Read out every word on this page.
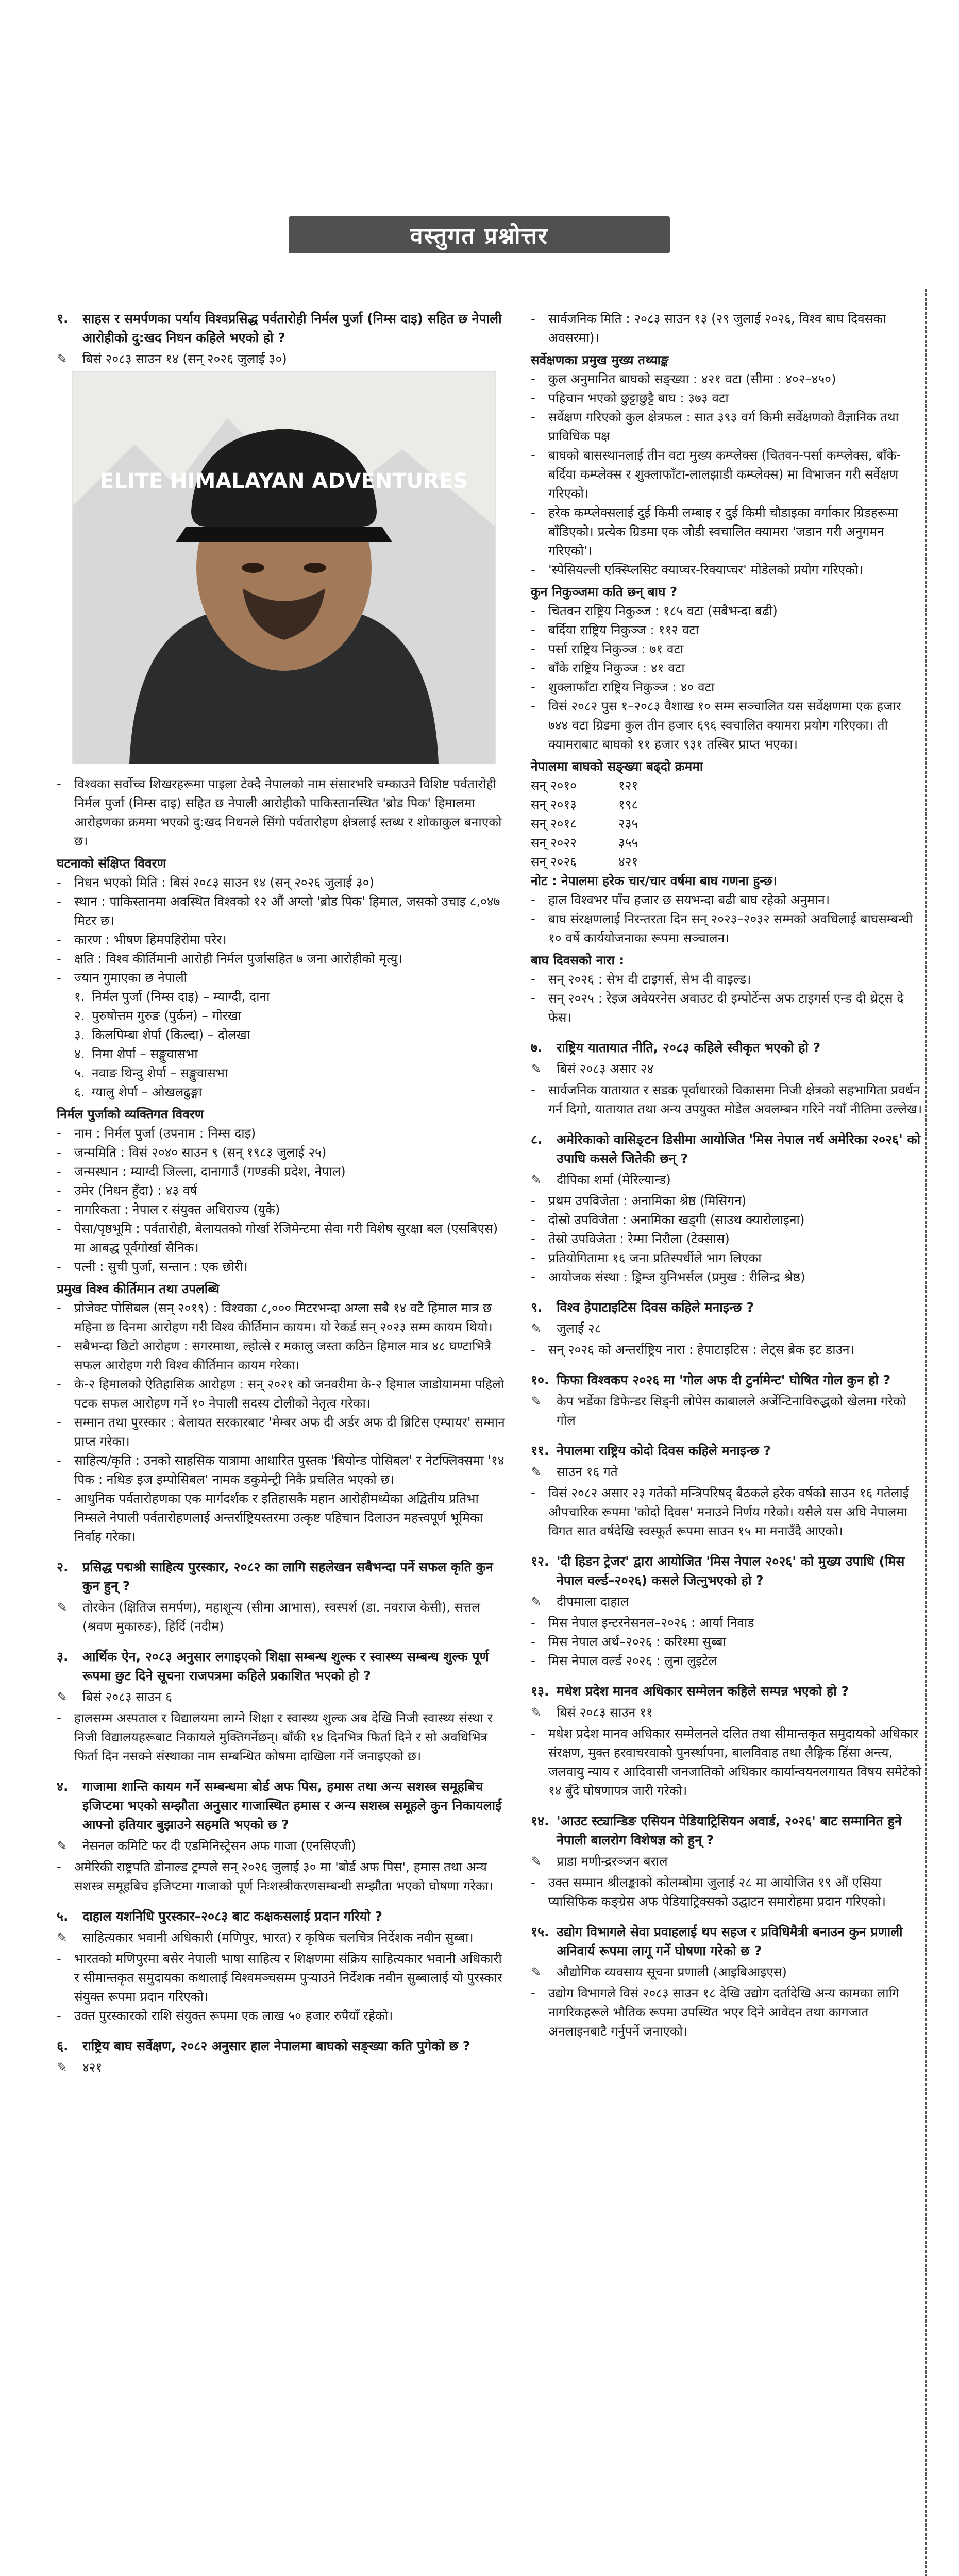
वस्तुगत प्रश्नोत्तर
१.	साहस र समर्पणका पर्याय विश्वप्रसिद्ध पर्वतारोही निर्मल पुर्जा (निम्स दाइ) सहित छ नेपाली आरोहीको दु:खद निधन कहिले भएको हो ?
✎	बिसं २०८३ साउन १४ (सन् २०२६ जुलाई ३०)
ELITE HIMALAYAN ADVENTURES
- विश्वका सर्वोच्च शिखरहरूमा पाइला टेक्दै नेपालको नाम संसारभरि चम्काउने विशिष्ट पर्वतारोही निर्मल पुर्जा (निम्स दाइ) सहित छ नेपाली आरोहीको पाकिस्तानस्थित 'ब्रोड पिक' हिमालमा आरोहणका क्रममा भएको दु:खद निधनले सिंगो पर्वतारोहण क्षेत्रलाई स्तब्ध र शोकाकुल बनाएको छ।
घटनाको संक्षिप्त विवरण
- निधन भएको मिति : बिसं २०८३ साउन १४ (सन् २०२६ जुलाई ३०)
- स्थान : पाकिस्तानमा अवस्थित विश्वको १२ औं अग्लो 'ब्रोड पिक' हिमाल, जसको उचाइ ८,०४७ मिटर छ।
- कारण : भीषण हिमपहिरोमा परेर।
- क्षति : विश्व कीर्तिमानी आरोही निर्मल पुर्जासहित ७ जना आरोहीको मृत्यु।
- ज्यान गुमाएका छ नेपाली
१. निर्मल पुर्जा (निम्स दाइ) – म्याग्दी, दाना
२. पुरुषोत्तम गुरुङ (पुर्कन) – गोरखा
३. किलपिम्बा शेर्पा (किल्दा) – दोलखा
४. निमा शेर्पा – सङ्खुवासभा
५. नवाङ थिन्दु शेर्पा – सङ्खुवासभा
६. ग्यालु शेर्पा – ओखलढुङ्गा
निर्मल पुर्जाको व्यक्तिगत विवरण
- नाम : निर्मल पुर्जा (उपनाम : निम्स दाइ)
- जन्ममिति : विसं २०४० साउन ९ (सन् १९८३ जुलाई २५)
- जन्मस्थान : म्याग्दी जिल्ला, दानागाउँ (गण्डकी प्रदेश, नेपाल)
- उमेर (निधन हुँदा) : ४३ वर्ष
- नागरिकता : नेपाल र संयुक्त अधिराज्य (युके)
- पेसा/पृष्ठभूमि : पर्वतारोही, बेलायतको गोर्खा रेजिमेन्टमा सेवा गरी विशेष सुरक्षा बल (एसबिएस) मा आबद्ध पूर्वगोर्खा सैनिक।
- पत्नी : सुची पुर्जा, सन्तान : एक छोरी।
प्रमुख विश्व कीर्तिमान तथा उपलब्धि
- प्रोजेक्ट पोसिबल (सन् २०१९) : विश्वका ८,००० मिटरभन्दा अग्ला सबै १४ वटै हिमाल मात्र छ महिना छ दिनमा आरोहण गरी विश्व कीर्तिमान कायम। यो रेकर्ड सन् २०२३ सम्म कायम थियो।
- सबैभन्दा छिटो आरोहण : सगरमाथा, ल्होत्से र मकालु जस्ता कठिन हिमाल मात्र ४८ घण्टाभित्रै सफल आरोहण गरी विश्व कीर्तिमान कायम गरेका।
- के-२ हिमालको ऐतिहासिक आरोहण : सन् २०२१ को जनवरीमा के-२ हिमाल जाडोयाममा पहिलो पटक सफल आरोहण गर्ने १० नेपाली सदस्य टोलीको नेतृत्व गरेका।
- सम्मान तथा पुरस्कार : बेलायत सरकारबाट 'मेम्बर अफ दी अर्डर अफ दी ब्रिटिस एम्पायर' सम्मान प्राप्त गरेका।
- साहित्य/कृति : उनको साहसिक यात्रामा आधारित पुस्तक 'बियोन्ड पोसिबल' र नेटफ्लिक्समा '१४ पिक : नथिङ इज इम्पोसिबल' नामक डकुमेन्ट्री निकै प्रचलित भएको छ।
- आधुनिक पर्वतारोहणका एक मार्गदर्शक र इतिहासकै महान आरोहीमध्येका अद्वितीय प्रतिभा निम्सले नेपाली पर्वतारोहणलाई अन्तर्राष्ट्रियस्तरमा उत्कृष्ट पहिचान दिलाउन महत्त्वपूर्ण भूमिका निर्वाह गरेका।
२.	प्रसिद्ध पद्मश्री साहित्य पुरस्कार, २०८२ का लागि सहलेखन सबैभन्दा पर्ने सफल कृति कुन कुन हुन् ?
✎	तोरकेन (क्षितिज समर्पण), महाशून्य (सीमा आभास), स्वस्पर्श (डा. नवराज केसी), सत्तल (श्रवण मुकारुङ), हिर्दि (नदीम)
३.	आर्थिक ऐन, २०८३ अनुसार लगाइएको शिक्षा सम्बन्ध शुल्क र स्वास्थ्य सम्बन्ध शुल्क पूर्ण रूपमा छुट दिने सूचना राजपत्रमा कहिले प्रकाशित भएको हो ?
✎	बिसं २०८३ साउन ६
- हालसम्म अस्पताल र विद्यालयमा लाग्ने शिक्षा र स्वास्थ्य शुल्क अब देखि निजी स्वास्थ्य संस्था र निजी विद्यालयहरूबाट निकायले मुक्तिगर्नेछन्। बाँकी १४ दिनभित्र फिर्ता दिने र सो अवधिभित्र फिर्ता दिन नसक्ने संस्थाका नाम सम्बन्धित कोषमा दाखिला गर्ने जनाइएको छ।
४.	गाजामा शान्ति कायम गर्ने सम्बन्धमा बोर्ड अफ पिस, हमास तथा अन्य सशस्त्र समूहबिच इजिप्टमा भएको सम्झौता अनुसार गाजास्थित हमास र अन्य सशस्त्र समूहले कुन निकायलाई आफ्नो हतियार बुझाउने सहमति भएको छ ?
✎	नेसनल कमिटि फर दी एडमिनिस्ट्रेसन अफ गाजा (एनसिएजी)
- अमेरिकी राष्ट्रपति डोनाल्ड ट्रम्पले सन् २०२६ जुलाई ३० मा 'बोर्ड अफ पिस', हमास तथा अन्य सशस्त्र समूहबिच इजिप्टमा गाजाको पूर्ण निःशस्त्रीकरणसम्बन्धी सम्झौता भएको घोषणा गरेका।
५.	दाहाल यशनिधि पुरस्कार–२०८३ बाट कक्षकसलाई प्रदान गरियो ?
✎	साहित्यकार भवानी अधिकारी (मणिपुर, भारत) र कृषिक चलचित्र निर्देशक नवीन सुब्बा।
- भारतको मणिपुरमा बसेर नेपाली भाषा साहित्य र शिक्षणमा संक्रिय साहित्यकार भवानी अधिकारी र सीमान्तकृत समुदायका कथालाई विश्वमञ्चसम्म पुऱ्याउने निर्देशक नवीन सुब्बालाई यो पुरस्कार संयुक्त रूपमा प्रदान गरिएको।
- उक्त पुरस्कारको राशि संयुक्त रूपमा एक लाख ५० हजार रुपैयाँ रहेको।
६.	राष्ट्रिय बाघ सर्वेक्षण, २०८२ अनुसार हाल नेपालमा बाघको सङ्ख्या कति पुगेको छ ?
✎	४२१
- सार्वजनिक मिति : २०८३ साउन १३ (२९ जुलाई २०२६, विश्व बाघ दिवसका अवसरमा)।
सर्वेक्षणका प्रमुख मुख्य तथ्याङ्क
- कुल अनुमानित बाघको सङ्ख्या : ४२१ वटा (सीमा : ४०२–४५०)
- पहिचान भएको छुट्टाछुट्टै बाघ : ३७३ वटा
- सर्वेक्षण गरिएको कुल क्षेत्रफल : सात ३९३ वर्ग किमी सर्वेक्षणको वैज्ञानिक तथा प्राविधिक पक्ष
- बाघको बासस्थानलाई तीन वटा मुख्य कम्प्लेक्स (चितवन-पर्सा कम्प्लेक्स, बाँके-बर्दिया कम्प्लेक्स र शुक्लाफाँटा-लालझाडी कम्प्लेक्स) मा विभाजन गरी सर्वेक्षण गरिएको।
- हरेक कम्प्लेक्सलाई दुई किमी लम्बाइ र दुई किमी चौडाइका वर्गाकार ग्रिडहरूमा बाँडिएको। प्रत्येक ग्रिडमा एक जोडी स्वचालित क्यामरा 'जडान गरी अनुगमन गरिएको'।
- 'स्पेसियल्ली एक्स्प्लिसिट क्याप्चर-रिक्याप्चर' मोडेलको प्रयोग गरिएको।
कुन निकुञ्जमा कति छन् बाघ ?
- चितवन राष्ट्रिय निकुञ्ज : १८५ वटा (सबैभन्दा बढी)
- बर्दिया राष्ट्रिय निकुञ्ज : ११२ वटा
- पर्सा राष्ट्रिय निकुञ्ज : ७१ वटा
- बाँके राष्ट्रिय निकुञ्ज : ४१ वटा
- शुक्लाफाँटा राष्ट्रिय निकुञ्ज : ४० वटा
- विसं २०८२ पुस १–२०८३ वैशाख १० सम्म सञ्चालित यस सर्वेक्षणमा एक हजार ७४४ वटा ग्रिडमा कुल तीन हजार ६९६ स्वचालित क्यामरा प्रयोग गरिएका। ती क्यामराबाट बाघको ११ हजार ९३१ तस्बिर प्राप्त भएका।
नेपालमा बाघको सङ्ख्या बढ्दो क्रममा
सन् २०१०	१२१
सन् २०१३	१९८
सन् २०१८	२३५
सन् २०२२	३५५
सन् २०२६	४२१
नोट : नेपालमा हरेक चार/चार वर्षमा बाघ गणना हुन्छ।
- हाल विश्वभर पाँच हजार छ सयभन्दा बढी बाघ रहेको अनुमान।
- बाघ संरक्षणलाई निरन्तरता दिन सन् २०२३–२०३२ सम्मको अवधिलाई बाघसम्बन्धी १० वर्षे कार्ययोजनाका रूपमा सञ्चालन।
बाघ दिवसको नारा :
- सन् २०२६ : सेभ दी टाइगर्स, सेभ दी वाइल्ड।
- सन् २०२५ : रेइज अवेयरनेस अवाउट दी इम्पोर्टेन्स अफ टाइगर्स एन्ड दी थ्रेट्स दे फेस।
७.	राष्ट्रिय यातायात नीति, २०८३ कहिले स्वीकृत भएको हो ?
✎	बिसं २०८३ असार २४
- सार्वजनिक यातायात र सडक पूर्वाधारको विकासमा निजी क्षेत्रको सहभागिता प्रवर्धन गर्न दिगो, यातायात तथा अन्य उपयुक्त मोडेल अवलम्बन गरिने नयाँ नीतिमा उल्लेख।
८.	अमेरिकाको वासिङ्टन डिसीमा आयोजित 'मिस नेपाल नर्थ अमेरिका २०२६' को उपाधि कसले जितेकी छन् ?
✎	दीपिका शर्मा (मेरिल्यान्ड)
- प्रथम उपविजेता : अनामिका श्रेष्ठ (मिसिगन)
- दोस्रो उपविजेता : अनामिका खड्गी (साउथ क्यारोलाइना)
- तेस्रो उपविजेता : रेम्मा निरौला (टेक्सास)
- प्रतियोगितामा १६ जना प्रतिस्पर्धीले भाग लिएका
- आयोजक संस्था : ड्रिम्ज युनिभर्सल (प्रमुख : रीलिन्द्र श्रेष्ठ)
९.	विश्व हेपाटाइटिस दिवस कहिले मनाइन्छ ?
✎	जुलाई २८
- सन् २०२६ को अन्तर्राष्ट्रिय नारा : हेपाटाइटिस : लेट्स ब्रेक इट डाउन।
१०. फिफा विश्वकप २०२६ मा 'गोल अफ दी टुर्नामेन्ट' घोषित गोल कुन हो ?
✎	केप भर्डेका डिफेन्डर सिड्नी लोपेस काबालले अर्जेन्टिनाविरुद्धको खेलमा गरेको गोल
११. नेपालमा राष्ट्रिय कोदो दिवस कहिले मनाइन्छ ?
✎	साउन १६ गते
- विसं २०८२ असार २३ गतेको मन्त्रिपरिषद् बैठकले हरेक वर्षको साउन १६ गतेलाई औपचारिक रूपमा 'कोदो दिवस' मनाउने निर्णय गरेको। यसैले यस अघि नेपालमा विगत सात वर्षदेखि स्वस्फूर्त रूपमा साउन १५ मा मनाउँदै आएको।
१२. 'दी हिडन ट्रेजर' द्वारा आयोजित 'मिस नेपाल २०२६' को मुख्य उपाधि (मिस नेपाल वर्ल्ड–२०२६) कसले जित्नुभएको हो ?
✎	दीपमाला दाहाल
- मिस नेपाल इन्टरनेसनल–२०२६ : आर्या निवाड
- मिस नेपाल अर्थ–२०२६ : करिश्मा सुब्बा
- मिस नेपाल वर्ल्ड २०२६ : लुना लुइटेल
१३. मधेश प्रदेश मानव अधिकार सम्मेलन कहिले सम्पन्न भएको हो ?
✎	बिसं २०८३ साउन ११
- मधेश प्रदेश मानव अधिकार सम्मेलनले दलित तथा सीमान्तकृत समुदायको अधिकार संरक्षण, मुक्त हरवाचरवाको पुनर्स्थापना, बालविवाह तथा लैङ्गिक हिंसा अन्त्य, जलवायु न्याय र आदिवासी जनजातिको अधिकार कार्यान्वयनलगायत विषय समेटेको १४ बुँदे घोषणापत्र जारी गरेको।
१४. 'आउट स्ट्यान्डिङ एसियन पेडियाट्रिसियन अवार्ड, २०२६' बाट सम्मानित हुने नेपाली बालरोग विशेषज्ञ को हुन् ?
✎	प्राडा मणीन्द्ररञ्जन बराल
- उक्त सम्मान श्रीलङ्काको कोलम्बोमा जुलाई २८ मा आयोजित १९ औं एसिया प्यासिफिक कङ्ग्रेस अफ पेडियाट्रिक्सको उद्घाटन समारोहमा प्रदान गरिएको।
१५. उद्योग विभागले सेवा प्रवाहलाई थप सहज र प्रविधिमैत्री बनाउन कुन प्रणाली अनिवार्य रूपमा लागू गर्ने घोषणा गरेको छ ?
✎	औद्योगिक व्यवसाय सूचना प्रणाली (आइबिआइएस)
- उद्योग विभागले विसं २०८३ साउन १८ देखि उद्योग दर्तादेखि अन्य कामका लागि नागरिकहरूले भौतिक रूपमा उपस्थित भएर दिने आवेदन तथा कागजात अनलाइनबाटै गर्नुपर्ने जनाएको।
